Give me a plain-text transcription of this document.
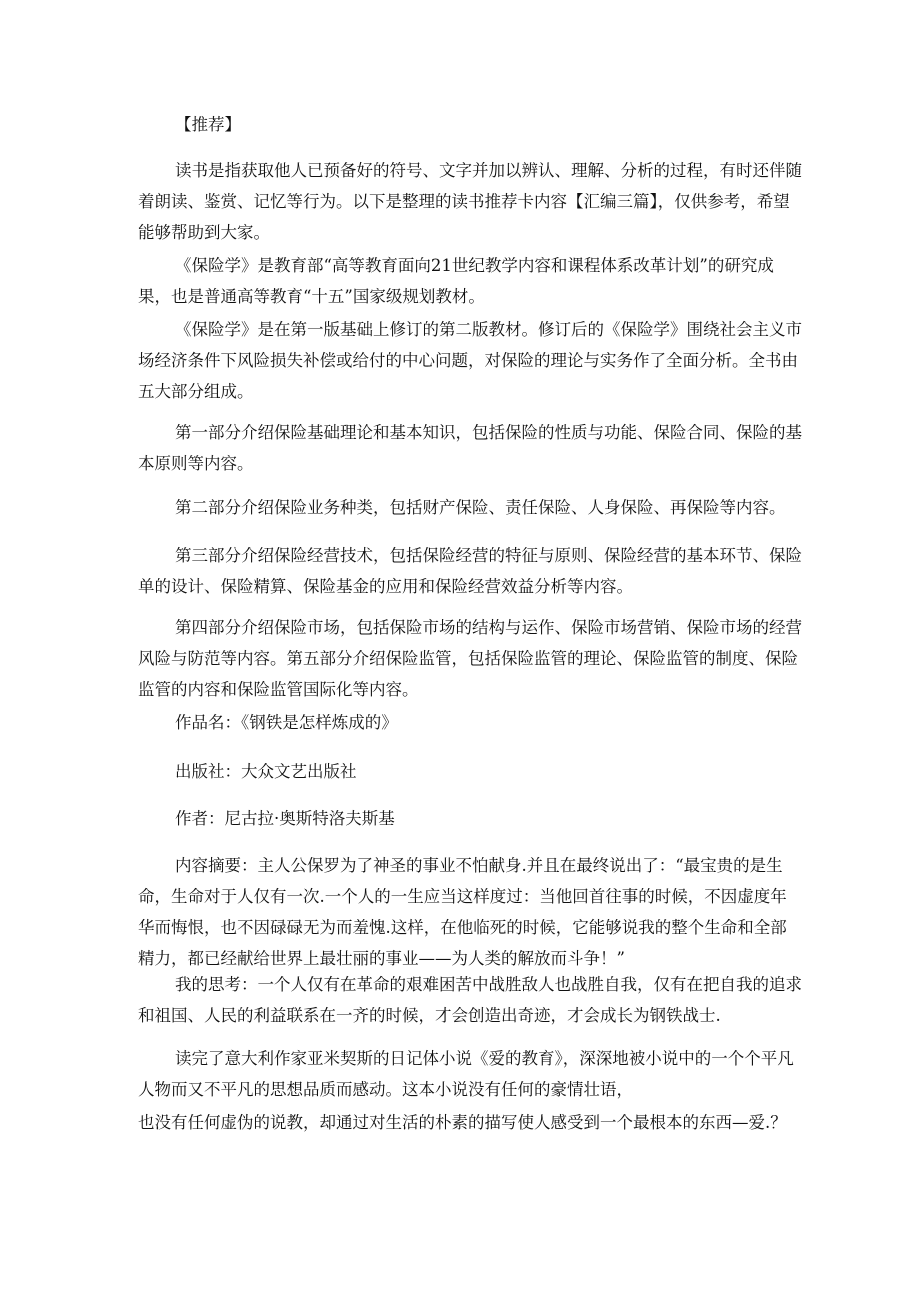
【推荐】

读书是指获取他人已预备好的符号、文字并加以辨认、理解、分析的过程，有时还伴随着朗读、鉴赏、记忆等行为。以下是整理的读书推荐卡内容【汇编三篇】，仅供参考，希望能够帮助到大家。

《保险学》是教育部“高等教育面向21世纪教学内容和课程体系改革计划”的研究成果，也是普通高等教育“十五”国家级规划教材。

《保险学》是在第一版基础上修订的第二版教材。修订后的《保险学》围绕社会主义市场经济条件下风险损失补偿或给付的中心问题，对保险的理论与实务作了全面分析。全书由五大部分组成。

第一部分介绍保险基础理论和基本知识，包括保险的性质与功能、保险合同、保险的基本原则等内容。

第二部分介绍保险业务种类，包括财产保险、责任保险、人身保险、再保险等内容。

第三部分介绍保险经营技术，包括保险经营的特征与原则、保险经营的基本环节、保险单的设计、保险精算、保险基金的应用和保险经营效益分析等内容。

第四部分介绍保险市场，包括保险市场的结构与运作、保险市场营销、保险市场的经营风险与防范等内容。第五部分介绍保险监管，包括保险监管的理论、保险监管的制度、保险监管的内容和保险监管国际化等内容。

作品名：《钢铁是怎样炼成的》

出版社：大众文艺出版社

作者：尼古拉·奥斯特洛夫斯基

内容摘要：主人公保罗为了神圣的事业不怕献身.并且在最终说出了：“最宝贵的是生命，生命对于人仅有一次.一个人的一生应当这样度过：当他回首往事的时候，不因虚度年华而悔恨，也不因碌碌无为而羞愧.这样，在他临死的时候，它能够说我的整个生命和全部精力，都已经献给世界上最壮丽的事业——为人类的解放而斗争！”

我的思考：一个人仅有在革命的艰难困苦中战胜敌人也战胜自我，仅有在把自我的追求和祖国、人民的利益联系在一齐的时候，才会创造出奇迹，才会成长为钢铁战士.

读完了意大利作家亚米契斯的日记体小说《爱的教育》，深深地被小说中的一个个平凡人物而又不平凡的思想品质而感动。这本小说没有任何的豪情壮语，

也没有任何虚伪的说教，却通过对生活的朴素的描写使人感受到一个最根本的东西—爱.？
